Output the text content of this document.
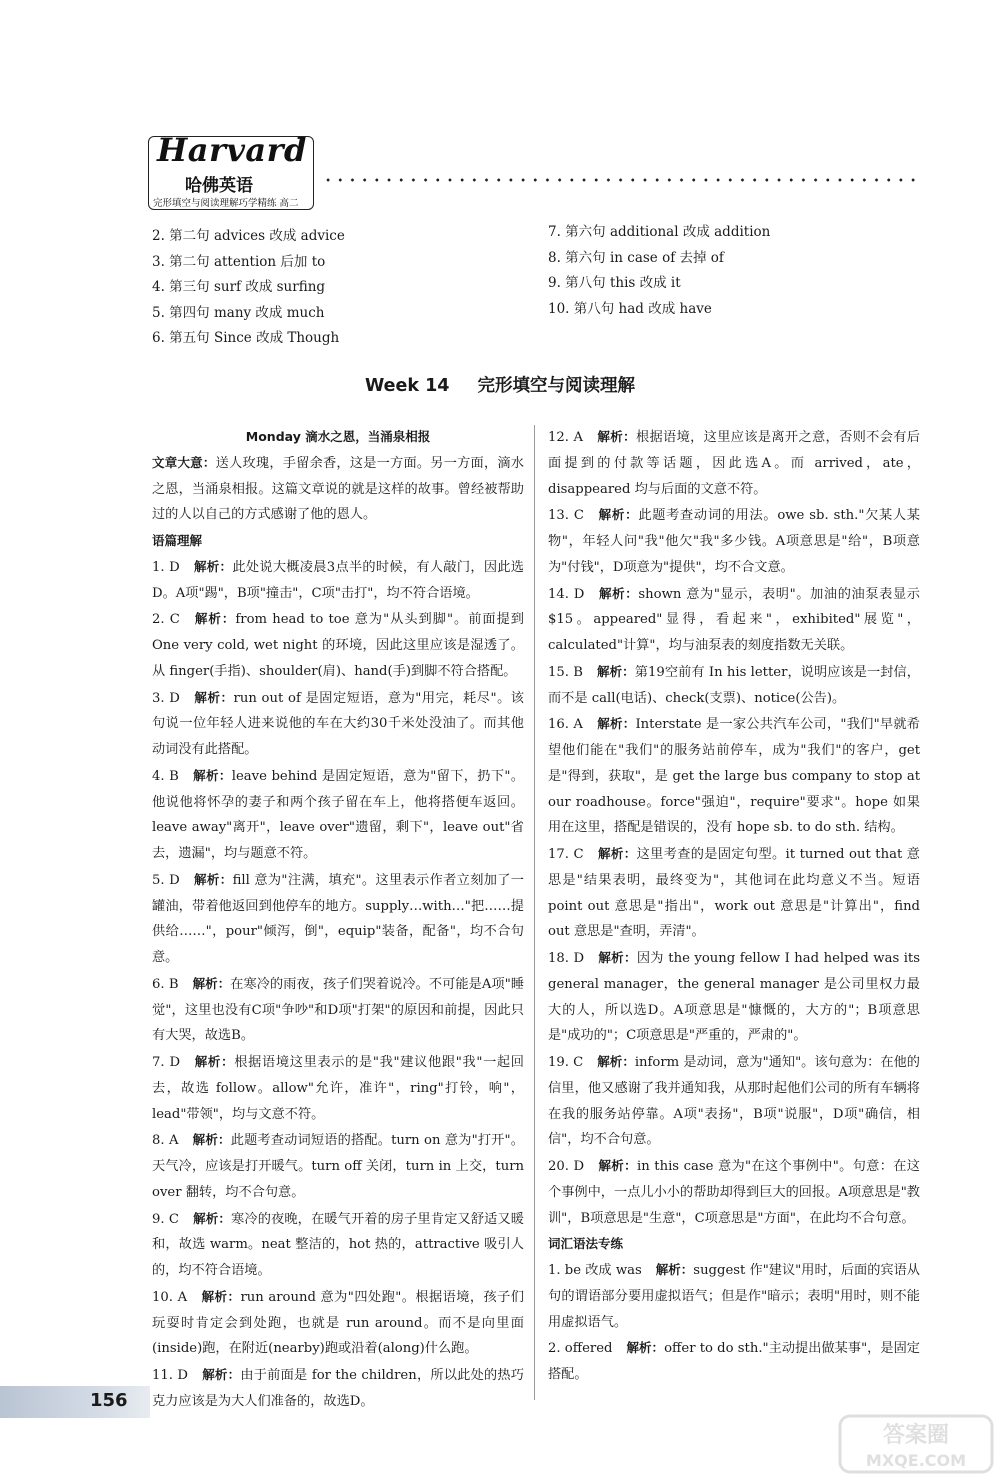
Harvard
哈佛英语
完形填空与阅读理解巧学精练 高二
2. 第二句 advices 改成 advice
3. 第二句 attention 后加 to
4. 第三句 surf 改成 surfing
5. 第四句 many 改成 much
6. 第五句 Since 改成 Though
7. 第六句 additional 改成 addition
8. 第六句 in case of 去掉 of
9. 第八句 this 改成 it
10. 第八句 had 改成 have
Week 14 完形填空与阅读理解
Monday 滴水之恩，当涌泉相报

文章大意：送人玫瑰，手留余香，这是一方面。另一方面，滴水之恩，当涌泉相报。这篇文章说的就是这样的故事。曾经被帮助过的人以自己的方式感谢了他的恩人。

语篇理解

1. D 解析：此处说大概凌晨3点半的时候，有人敲门，因此选D。A项"踢"，B项"撞击"，C项"击打"，均不符合语境。

2. C 解析：from head to toe 意为"从头到脚"。前面提到 One very cold, wet night 的环境，因此这里应该是湿透了。从 finger(手指)、shoulder(肩)、hand(手)到脚不符合搭配。

3. D 解析：run out of 是固定短语，意为"用完，耗尽"。该句说一位年轻人进来说他的车在大约30千米处没油了。而其他动词没有此搭配。

4. B 解析：leave behind 是固定短语，意为"留下，扔下"。他说他将怀孕的妻子和两个孩子留在车上，他将搭便车返回。leave away"离开"，leave over"遗留，剩下"，leave out"省去，遗漏"，均与题意不符。

5. D 解析：fill 意为"注满，填充"。这里表示作者立刻加了一罐油，带着他返回到他停车的地方。supply…with…"把……提供给……"，pour"倾泻，倒"，equip"装备，配备"，均不合句意。

6. B 解析：在寒冷的雨夜，孩子们哭着说冷。不可能是A项"睡觉"，这里也没有C项"争吵"和D项"打架"的原因和前提，因此只有大哭，故选B。

7. D 解析：根据语境这里表示的是"我"建议他跟"我"一起回去，故选 follow。allow"允许，准许"，ring"打铃，响"，lead"带领"，均与文意不符。

8. A 解析：此题考查动词短语的搭配。turn on 意为"打开"。天气冷，应该是打开暖气。turn off 关闭，turn in 上交，turn over 翻转，均不合句意。

9. C 解析：寒冷的夜晚，在暖气开着的房子里肯定又舒适又暖和，故选 warm。neat 整洁的，hot 热的，attractive 吸引人的，均不符合语境。

10. A 解析：run around 意为"四处跑"。根据语境，孩子们玩耍时肯定会到处跑，也就是 run around。而不是向里面(inside)跑，在附近(nearby)跑或沿着(along)什么跑。

11. D 解析：由于前面是 for the children，所以此处的热巧克力应该是为大人们准备的，故选D。

12. A 解析：根据语境，这里应该是离开之意，否则不会有后面提到的付款等话题，因此选A。而 arrived，ate，disappeared 均与后面的文意不符。

13. C 解析：此题考查动词的用法。owe sb. sth."欠某人某物"，年轻人问"我"他欠"我"多少钱。A项意思是"给"，B项意为"付钱"，D项意为"提供"，均不合文意。

14. D 解析：shown 意为"显示，表明"。加油的油泵表显示$15。appeared"显得，看起来"，exhibited"展览"，calculated"计算"，均与油泵表的刻度指数无关联。

15. B 解析：第19空前有 In his letter，说明应该是一封信，而不是 call(电话)、check(支票)、notice(公告)。

16. A 解析：Interstate 是一家公共汽车公司，"我们"早就希望他们能在"我们"的服务站前停车，成为"我们"的客户，get 是"得到，获取"，是 get the large bus company to stop at our roadhouse。force"强迫"，require"要求"。hope 如果用在这里，搭配是错误的，没有 hope sb. to do sth. 结构。

17. C 解析：这里考查的是固定句型。it turned out that 意思是"结果表明，最终变为"，其他词在此均意义不当。短语 point out 意思是"指出"，work out 意思是"计算出"，find out 意思是"查明，弄清"。

18. D 解析：因为 the young fellow I had helped was its general manager，the general manager 是公司里权力最大的人，所以选D。A项意思是"慷慨的，大方的"；B项意思是"成功的"；C项意思是"严重的，严肃的"。

19. C 解析：inform 是动词，意为"通知"。该句意为：在他的信里，他又感谢了我并通知我，从那时起他们公司的所有车辆将在我的服务站停靠。A项"表扬"，B项"说服"，D项"确信，相信"，均不合句意。

20. D 解析：in this case 意为"在这个事例中"。句意：在这个事例中，一点儿小小的帮助却得到巨大的回报。A项意思是"教训"，B项意思是"生意"，C项意思是"方面"，在此均不合句意。

词汇语法专练

1. be 改成 was 解析：suggest 作"建议"用时，后面的宾语从句的谓语部分要用虚拟语气；但是作"暗示；表明"用时，则不能用虚拟语气。

2. offered 解析：offer to do sth."主动提出做某事"，是固定搭配。

156
答案圈
MXQE.COM
